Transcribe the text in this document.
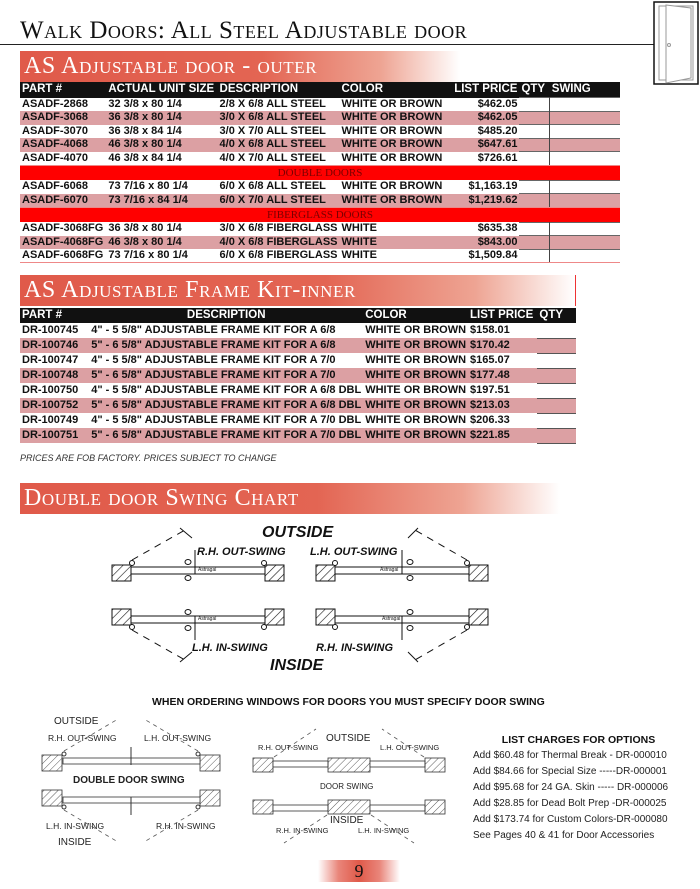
Walk Doors: All Steel Adjustable door
AS Adjustable door - outer
PART #	ACTUAL UNIT SIZE	DESCRIPTION	COLOR	LIST PRICE	QTY	SWING
ASADF-2868	32 3/8 x 80 1/4	2/8 X 6/8 ALL STEEL	WHITE OR BROWN	$462.05		
ASADF-3068	36 3/8 x 80 1/4	3/0 X 6/8 ALL STEEL	WHITE OR BROWN	$462.05		
ASADF-3070	36 3/8 x 84 1/4	3/0 X 7/0 ALL STEEL	WHITE OR BROWN	$485.20		
ASADF-4068	46 3/8 x 80 1/4	4/0 X 6/8 ALL STEEL	WHITE OR BROWN	$647.61		
ASADF-4070	46 3/8 x 84 1/4	4/0 X 7/0 ALL STEEL	WHITE OR BROWN	$726.61		
DOUBLE DOORS						
ASADF-6068	73 7/16 x 80 1/4	6/0 X 6/8 ALL STEEL	WHITE OR BROWN	$1,163.19		
ASADF-6070	73 7/16 x 84 1/4	6/0 X 7/0 ALL STEEL	WHITE OR BROWN	$1,219.62		
FIBERGLASS DOORS						
ASADF-3068FG	36 3/8 x 80 1/4	3/0 X 6/8 FIBERGLASS	WHITE	$635.38		
ASADF-4068FG	46 3/8 x 80 1/4	4/0 X 6/8 FIBERGLASS	WHITE	$843.00		
ASADF-6068FG	73 7/16 x 80 1/4	6/0 X 6/8 FIBERGLASS	WHITE	$1,509.84		
AS Adjustable Frame Kit-inner
PART #	DESCRIPTION	COLOR	LIST PRICE	QTY
DR-100745	4" - 5 5/8" ADJUSTABLE FRAME KIT FOR A 6/8	WHITE OR BROWN	$158.01	
DR-100746	5" - 6 5/8" ADJUSTABLE FRAME KIT FOR A 6/8	WHITE OR BROWN	$170.42	
DR-100747	4" - 5 5/8" ADJUSTABLE FRAME KIT FOR A 7/0	WHITE OR BROWN	$165.07	
DR-100748	5" - 6 5/8" ADJUSTABLE FRAME KIT FOR A 7/0	WHITE OR BROWN	$177.48	
DR-100750	4" - 5 5/8" ADJUSTABLE FRAME KIT FOR A 6/8 DBL	WHITE OR BROWN	$197.51	
DR-100752	5" - 6 5/8" ADJUSTABLE FRAME KIT FOR A 6/8 DBL	WHITE OR BROWN	$213.03	
DR-100749	4" - 5 5/8" ADJUSTABLE FRAME KIT FOR A 7/0 DBL	WHITE OR BROWN	$206.33	
DR-100751	5" - 6 5/8" ADJUSTABLE FRAME KIT FOR A 7/0 DBL	WHITE OR BROWN	$221.85	
PRICES ARE FOB FACTORY. PRICES SUBJECT TO CHANGE
Double door Swing Chart
OUTSIDE
R.H. OUT-SWING L.H. OUT-SWING
Astragal	Astragal
Astragal	Astragal
L.H. IN-SWING	R.H. IN-SWING
INSIDE
WHEN ORDERING WINDOWS FOR DOORS YOU MUST SPECIFY DOOR SWING
OUTSIDE
R.H. OUT-SWING	L.H. OUT-SWING
DOUBLE DOOR SWING
L.H. IN-SWING	R.H. IN-SWING
INSIDE
OUTSIDE
R.H. OUT-SWING	L.H. OUT-SWING
DOOR SWING
INSIDE
R.H. IN-SWING	L.H. IN-SWING
LIST CHARGES FOR OPTIONS
Add $60.48 for Thermal Break - DR-000010
Add $84.66 for Special Size -----DR-000001
Add $95.68 for 24 GA. Skin ----- DR-000006
Add $28.85 for Dead Bolt Prep -DR-000025
Add $173.74 for Custom Colors-DR-000080
See Pages 40 & 41 for Door Accessories
9
